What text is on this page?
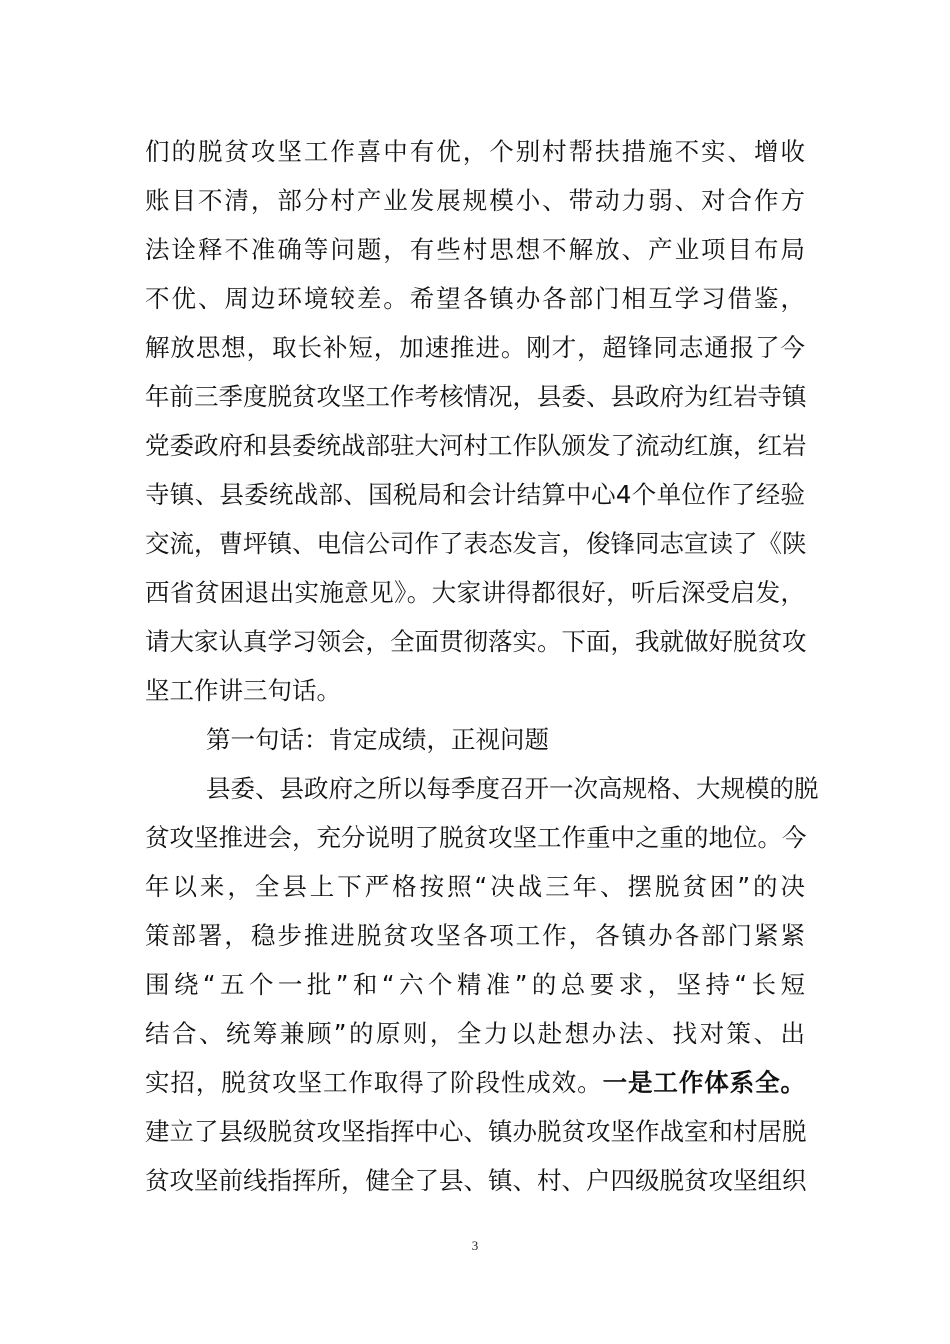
们的脱贫攻坚工作喜中有优，个别村帮扶措施不实、增收
账目不清，部分村产业发展规模小、带动力弱、对合作方
法诠释不准确等问题，有些村思想不解放、产业项目布局
不优、周边环境较差。希望各镇办各部门相互学习借鉴，
解放思想，取长补短，加速推进。刚才，超锋同志通报了今
年前三季度脱贫攻坚工作考核情况，县委、县政府为红岩寺镇
党委政府和县委统战部驻大河村工作队颁发了流动红旗，红岩
寺镇、县委统战部、国税局和会计结算中心4个单位作了经验
交流，曹坪镇、电信公司作了表态发言，俊锋同志宣读了《陕
西省贫困退出实施意见》。大家讲得都很好，听后深受启发，
请大家认真学习领会，全面贯彻落实。下面，我就做好脱贫攻
坚工作讲三句话。
第一句话：肯定成绩，正视问题
县委、县政府之所以每季度召开一次高规格、大规模的脱
贫攻坚推进会，充分说明了脱贫攻坚工作重中之重的地位。今
年以来，全县上下严格按照“决战三年、摆脱贫困”的决
策部署，稳步推进脱贫攻坚各项工作，各镇办各部门紧紧
围绕“五个一批”和“六个精准”的总要求，坚持“长短
结合、统筹兼顾”的原则，全力以赴想办法、找对策、出
实招，脱贫攻坚工作取得了阶段性成效。一是工作体系全。
建立了县级脱贫攻坚指挥中心、镇办脱贫攻坚作战室和村居脱
贫攻坚前线指挥所，健全了县、镇、村、户四级脱贫攻坚组织
3
